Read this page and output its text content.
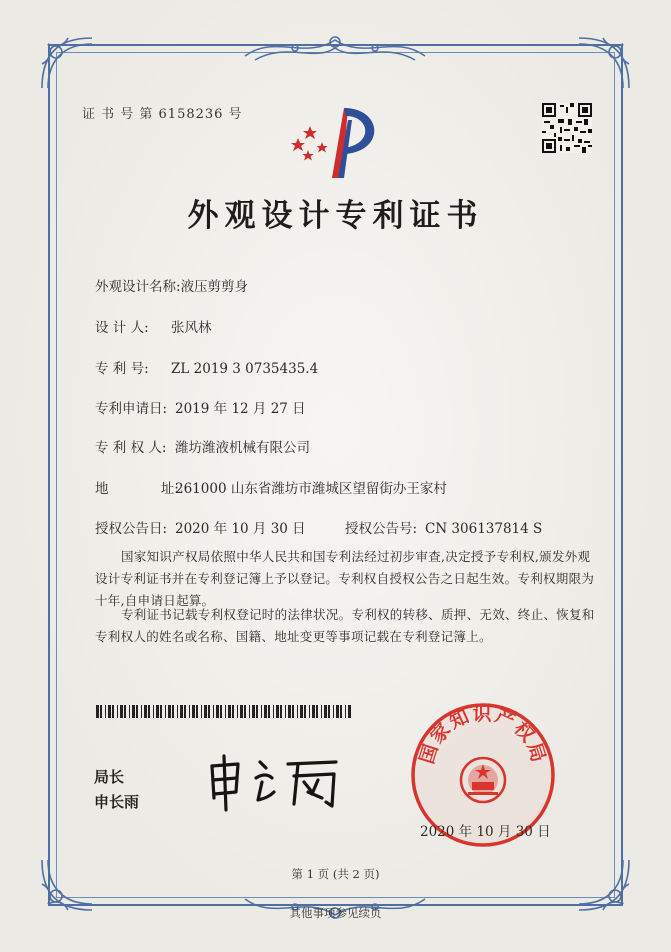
证 书 号 第 6158236 号
外观设计专利证书
外观设计名称:液压剪剪身
设 计 人: 张风林
专 利 号: ZL 2019 3 0735435.4
专利申请日: 2019 年 12 月 27 日
专 利 权 人: 潍坊潍液机械有限公司
地 址:261000 山东省潍坊市潍城区望留街办王家村
授权公告日: 2020 年 10 月 30 日	授权公告号: CN 306137814 S
国家知识产权局依照中华人民共和国专利法经过初步审查,决定授予专利权,颁发外观设计专利证书并在专利登记簿上予以登记。专利权自授权公告之日起生效。专利权期限为十年,自申请日起算。
专利证书记载专利权登记时的法律状况。专利权的转移、质押、无效、终止、恢复和专利权人的姓名或名称、国籍、地址变更等事项记载在专利登记簿上。
局长
申长雨
国家知识产权局
2020 年 10 月 30 日
第 1 页 (共 2 页)
其他事项参见续页
